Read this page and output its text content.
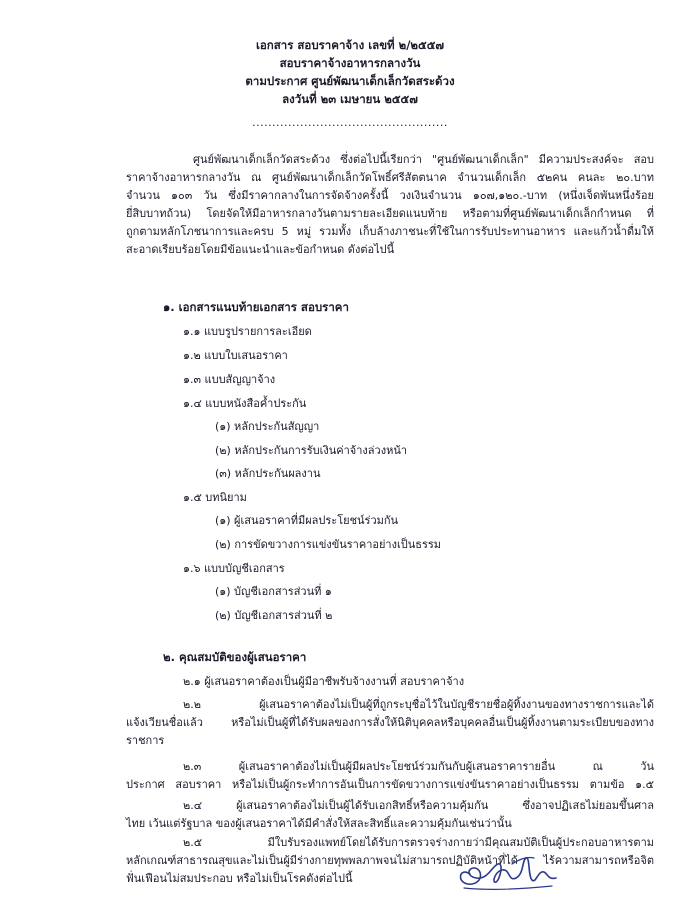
เอกสาร สอบราคาจ้าง เลขที่ ๒/๒๕๕๗
สอบราคาจ้างอาหารกลางวัน
ตามประกาศ ศูนย์พัฒนาเด็กเล็กวัดสระด้วง
ลงวันที่ ๒๓ เมษายน ๒๕๕๗
.................................................
ศูนย์พัฒนาเด็กเล็กวัดสระด้วง ซึ่งต่อไปนี้เรียกว่า "ศูนย์พัฒนาเด็กเล็ก" มีความประสงค์จะ สอบ
ราคาจ้างอาหารกลางวัน ณ ศูนย์พัฒนาเด็กเล็กวัดโพธิ์ศรีสัตตนาค จำนวนเด็กเล็ก ๕๒คน คนละ ๒๐.บาท
จำนวน ๑๐๓ วัน ซึ่งมีราคากลางในการจัดจ้างครั้งนี้ วงเงินจำนวน ๑๐๗,๑๒๐.-บาท (หนึ่งเจ็ดพันหนึ่งร้อย
ยี่สิบบาทถ้วน) โดยจัดให้มีอาหารกลางวันตามรายละเอียดแนบท้าย หรือตามที่ศูนย์พัฒนาเด็กเล็กกำหนด ที่
ถูกตามหลักโภชนาการและครบ 5 หมู่ รวมทั้ง เก็บล้างภาชนะที่ใช้ในการรับประทานอาหาร และแก้วน้ำดื่มให้
สะอาดเรียบร้อยโดยมีข้อแนะนำและข้อกำหนด ดังต่อไปนี้
๑. เอกสารแนบท้ายเอกสาร สอบราคา
๑.๑ แบบรูปรายการละเอียด
๑.๒ แบบใบเสนอราคา
๑.๓ แบบสัญญาจ้าง
๑.๔ แบบหนังสือค้ำประกัน
(๑) หลักประกันสัญญา
(๒) หลักประกันการรับเงินค่าจ้างล่วงหน้า
(๓) หลักประกันผลงาน
๑.๕ บทนิยาม
(๑) ผู้เสนอราคาที่มีผลประโยชน์ร่วมกัน
(๒) การขัดขวางการแข่งขันราคาอย่างเป็นธรรม
๑.๖ แบบบัญชีเอกสาร
(๑) บัญชีเอกสารส่วนที่ ๑
(๒) บัญชีเอกสารส่วนที่ ๒
๒. คุณสมบัติของผู้เสนอราคา
๒.๑ ผู้เสนอราคาต้องเป็นผู้มีอาชีพรับจ้างงานที่ สอบราคาจ้าง
๒.๒ ผู้เสนอราคาต้องไม่เป็นผู้ที่ถูกระบุชื่อไว้ในบัญชีรายชื่อผู้ทิ้งงานของทางราชการและได้
แจ้งเวียนชื่อแล้ว หรือไม่เป็นผู้ที่ได้รับผลของการสั่งให้นิติบุคคลหรือบุคคลอื่นเป็นผู้ทิ้งงานตามระเบียบของทาง
ราชการ
๒.๓ ผู้เสนอราคาต้องไม่เป็นผู้มีผลประโยชน์ร่วมกันกับผู้เสนอราคารายอื่น ณ วัน
ประกาศ สอบราคา หรือไม่เป็นผู้กระทำการอันเป็นการขัดขวางการแข่งขันราคาอย่างเป็นธรรม ตามข้อ ๑.๕
๒.๔ ผู้เสนอราคาต้องไม่เป็นผู้ได้รับเอกสิทธิ์หรือความคุ้มกัน ซึ่งอาจปฏิเสธไม่ยอมขึ้นศาล
ไทย เว้นแต่รัฐบาล ของผู้เสนอราคาได้มีคำสั่งให้สละสิทธิ์และความคุ้มกันเช่นว่านั้น
๒.๕ มีใบรับรองแพทย์โดยได้รับการตรวจร่างกายว่ามีคุณสมบัติเป็นผู้ประกอบอาหารตาม
หลักเกณฑ์สาธารณสุขและไม่เป็นผู้มีร่างกายทุพพลภาพจนไม่สามารถปฏิบัติหน้าที่ได้ ไร้ความสามารถหรือจิต
ฟั่นเฟือนไม่สมประกอบ หรือไม่เป็นโรคดังต่อไปนี้
